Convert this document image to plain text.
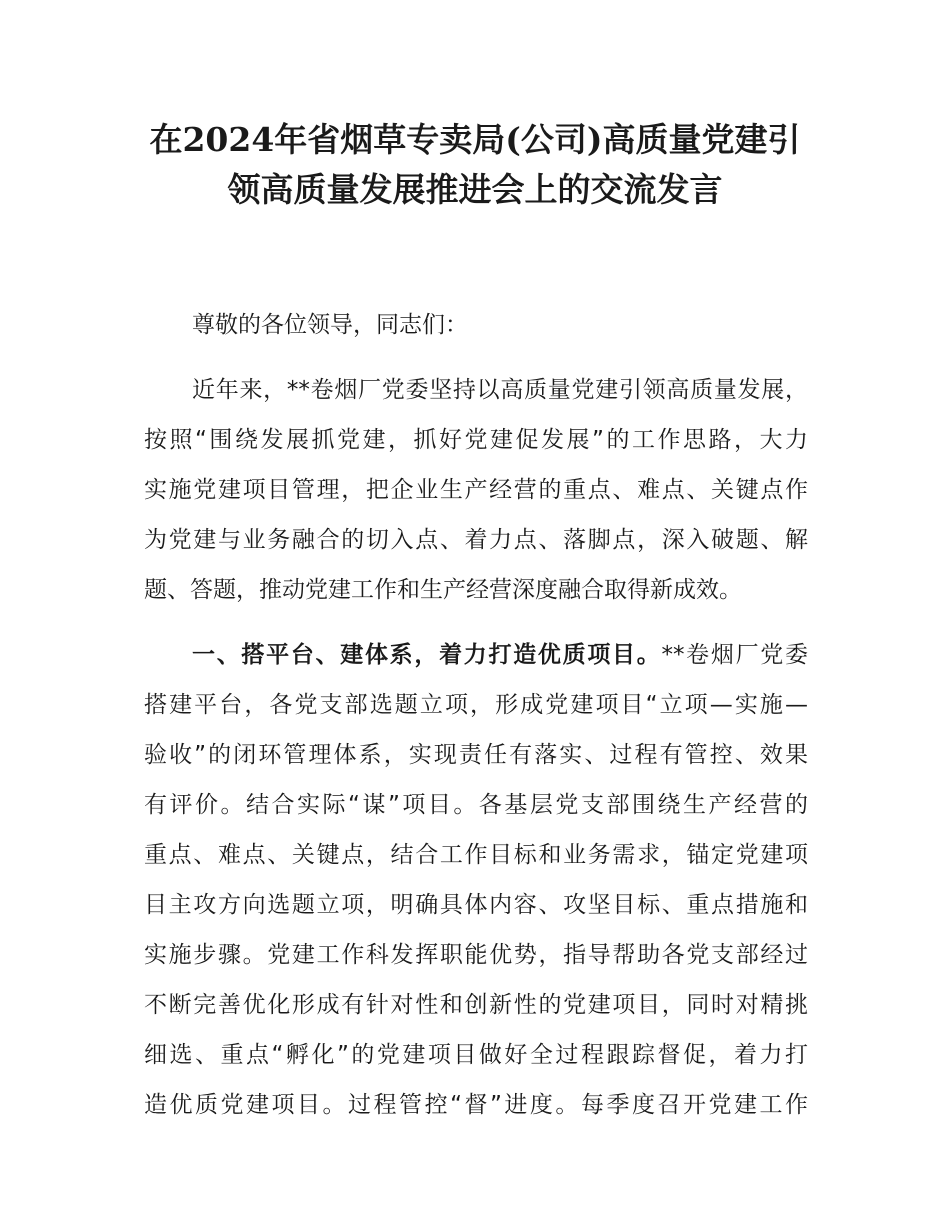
在2024年省烟草专卖局(公司)高质量党建引
领高质量发展推进会上的交流发言
尊敬的各位领导，同志们：
近年来，**卷烟厂党委坚持以高质量党建引领高质量发展，
按照“围绕发展抓党建，抓好党建促发展”的工作思路，大力
实施党建项目管理，把企业生产经营的重点、难点、关键点作
为党建与业务融合的切入点、着力点、落脚点，深入破题、解
题、答题，推动党建工作和生产经营深度融合取得新成效。
一、搭平台、建体系，着力打造优质项目。**卷烟厂党委
搭建平台，各党支部选题立项，形成党建项目“立项—实施—
验收”的闭环管理体系，实现责任有落实、过程有管控、效果
有评价。结合实际“谋”项目。各基层党支部围绕生产经营的
重点、难点、关键点，结合工作目标和业务需求，锚定党建项
目主攻方向选题立项，明确具体内容、攻坚目标、重点措施和
实施步骤。党建工作科发挥职能优势，指导帮助各党支部经过
不断完善优化形成有针对性和创新性的党建项目，同时对精挑
细选、重点“孵化”的党建项目做好全过程跟踪督促，着力打
造优质党建项目。过程管控“督”进度。每季度召开党建工作
